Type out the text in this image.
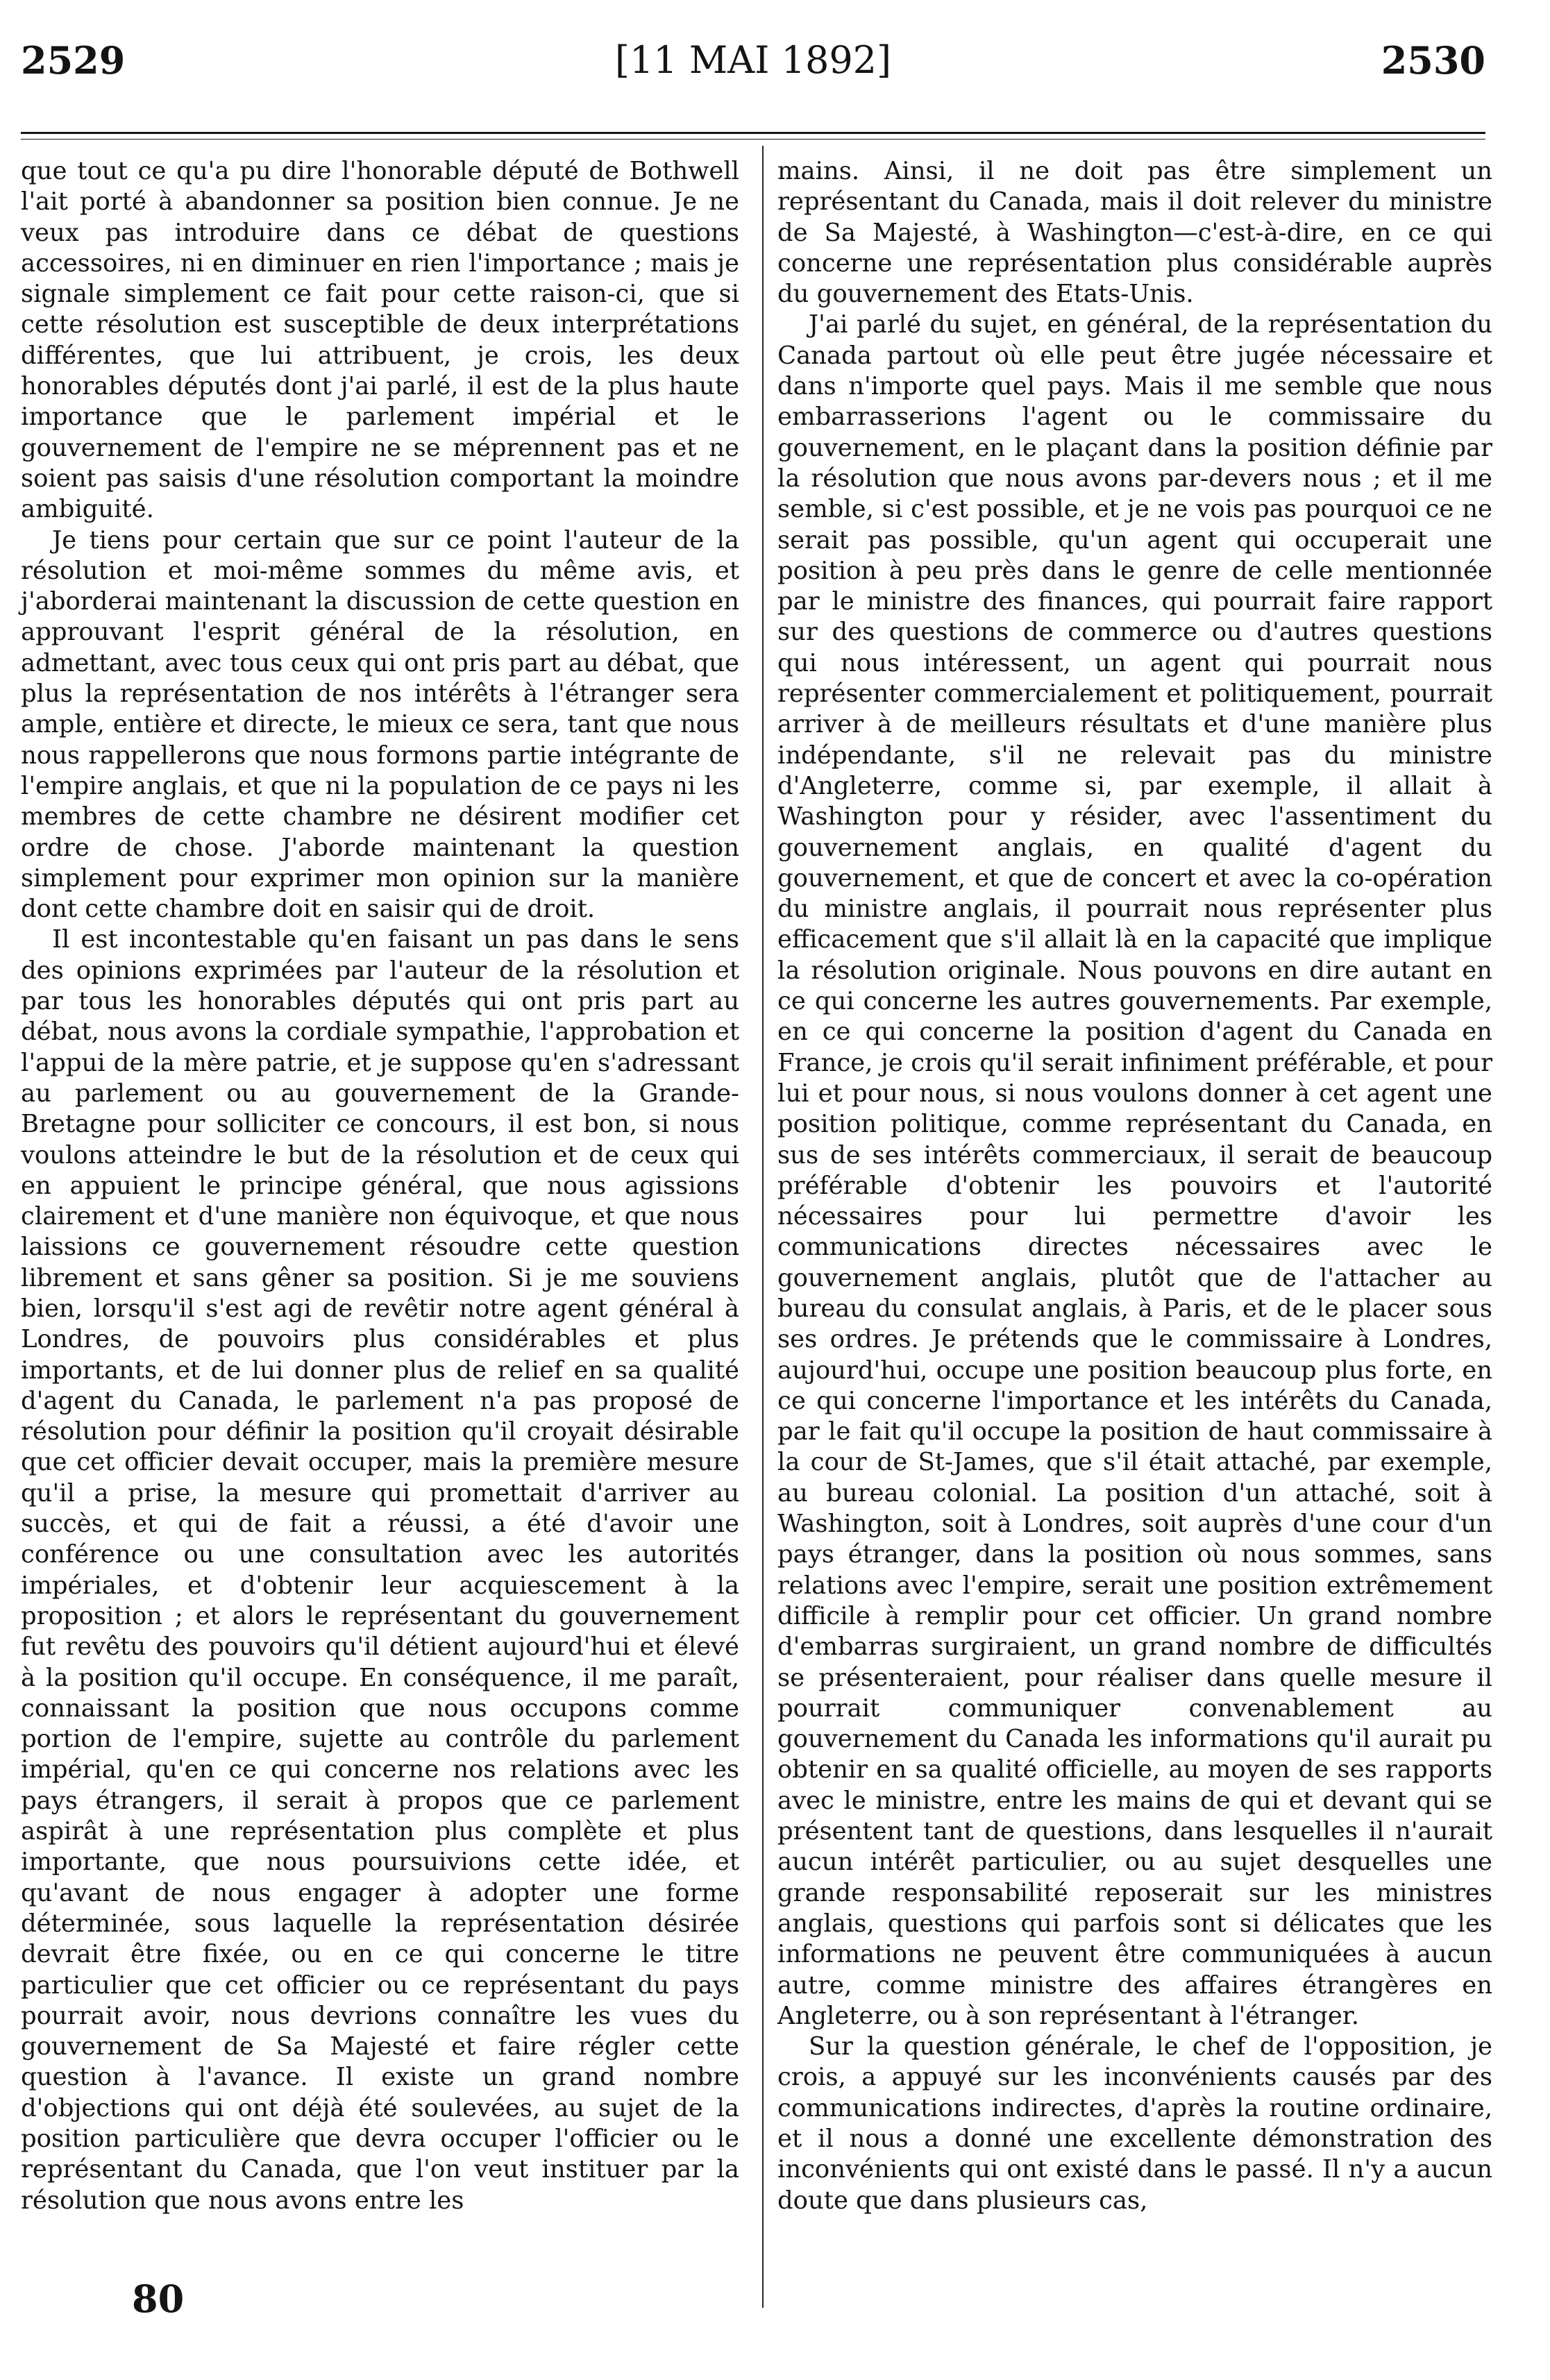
2529	[11 MAI 1892]	2530

que tout ce qu'a pu dire l'honorable député de Bothwell l'ait porté à abandonner sa position bien connue. Je ne veux pas introduire dans ce débat de questions accessoires, ni en diminuer en rien l'importance ; mais je signale simplement ce fait pour cette raison-ci, que si cette résolution est susceptible de deux interprétations différentes, que lui attribuent, je crois, les deux honorables députés dont j'ai parlé, il est de la plus haute importance que le parlement impérial et le gouvernement de l'empire ne se méprennent pas et ne soient pas saisis d'une résolution comportant la moindre ambiguité.

Je tiens pour certain que sur ce point l'auteur de la résolution et moi-même sommes du même avis, et j'aborderai maintenant la discussion de cette question en approuvant l'esprit général de la résolution, en admettant, avec tous ceux qui ont pris part au débat, que plus la représentation de nos intérêts à l'étranger sera ample, entière et directe, le mieux ce sera, tant que nous nous rappellerons que nous formons partie intégrante de l'empire anglais, et que ni la population de ce pays ni les membres de cette chambre ne désirent modifier cet ordre de chose. J'aborde maintenant la question simplement pour exprimer mon opinion sur la manière dont cette chambre doit en saisir qui de droit.

Il est incontestable qu'en faisant un pas dans le sens des opinions exprimées par l'auteur de la résolution et par tous les honorables députés qui ont pris part au débat, nous avons la cordiale sympathie, l'approbation et l'appui de la mère patrie, et je suppose qu'en s'adressant au parlement ou au gouvernement de la Grande-Bretagne pour solliciter ce concours, il est bon, si nous voulons atteindre le but de la résolution et de ceux qui en appuient le principe général, que nous agissions clairement et d'une manière non équivoque, et que nous laissions ce gouvernement résoudre cette question librement et sans gêner sa position. Si je me souviens bien, lorsqu'il s'est agi de revêtir notre agent général à Londres, de pouvoirs plus considérables et plus importants, et de lui donner plus de relief en sa qualité d'agent du Canada, le parlement n'a pas proposé de résolution pour définir la position qu'il croyait désirable que cet officier devait occuper, mais la première mesure qu'il a prise, la mesure qui promettait d'arriver au succès, et qui de fait a réussi, a été d'avoir une conférence ou une consultation avec les autorités impériales, et d'obtenir leur acquiescement à la proposition ; et alors le représentant du gouvernement fut revêtu des pouvoirs qu'il détient aujourd'hui et élevé à la position qu'il occupe. En conséquence, il me paraît, connaissant la position que nous occupons comme portion de l'empire, sujette au contrôle du parlement impérial, qu'en ce qui concerne nos relations avec les pays étrangers, il serait à propos que ce parlement aspirât à une représentation plus complète et plus importante, que nous poursuivions cette idée, et qu'avant de nous engager à adopter une forme déterminée, sous laquelle la représentation désirée devrait être fixée, ou en ce qui concerne le titre particulier que cet officier ou ce représentant du pays pourrait avoir, nous devrions connaître les vues du gouvernement de Sa Majesté et faire régler cette question à l'avance. Il existe un grand nombre d'objections qui ont déjà été soulevées, au sujet de la position particulière que devra occuper l'officier ou le représentant du Canada, que l'on veut instituer par la résolution que nous avons entre les

mains. Ainsi, il ne doit pas être simplement un représentant du Canada, mais il doit relever du ministre de Sa Majesté, à Washington—c'est-à-dire, en ce qui concerne une représentation plus considérable auprès du gouvernement des Etats-Unis.

J'ai parlé du sujet, en général, de la représentation du Canada partout où elle peut être jugée nécessaire et dans n'importe quel pays. Mais il me semble que nous embarrasserions l'agent ou le commissaire du gouvernement, en le plaçant dans la position définie par la résolution que nous avons par-devers nous ; et il me semble, si c'est possible, et je ne vois pas pourquoi ce ne serait pas possible, qu'un agent qui occuperait une position à peu près dans le genre de celle mentionnée par le ministre des finances, qui pourrait faire rapport sur des questions de commerce ou d'autres questions qui nous intéressent, un agent qui pourrait nous représenter commercialement et politiquement, pourrait arriver à de meilleurs résultats et d'une manière plus indépendante, s'il ne relevait pas du ministre d'Angleterre, comme si, par exemple, il allait à Washington pour y résider, avec l'assentiment du gouvernement anglais, en qualité d'agent du gouvernement, et que de concert et avec la co-opération du ministre anglais, il pourrait nous représenter plus efficacement que s'il allait là en la capacité que implique la résolution originale. Nous pouvons en dire autant en ce qui concerne les autres gouvernements. Par exemple, en ce qui concerne la position d'agent du Canada en France, je crois qu'il serait infiniment préférable, et pour lui et pour nous, si nous voulons donner à cet agent une position politique, comme représentant du Canada, en sus de ses intérêts commerciaux, il serait de beaucoup préférable d'obtenir les pouvoirs et l'autorité nécessaires pour lui permettre d'avoir les communications directes nécessaires avec le gouvernement anglais, plutôt que de l'attacher au bureau du consulat anglais, à Paris, et de le placer sous ses ordres. Je prétends que le commissaire à Londres, aujourd'hui, occupe une position beaucoup plus forte, en ce qui concerne l'importance et les intérêts du Canada, par le fait qu'il occupe la position de haut commissaire à la cour de St-James, que s'il était attaché, par exemple, au bureau colonial. La position d'un attaché, soit à Washington, soit à Londres, soit auprès d'une cour d'un pays étranger, dans la position où nous sommes, sans relations avec l'empire, serait une position extrêmement difficile à remplir pour cet officier. Un grand nombre d'embarras surgiraient, un grand nombre de difficultés se présenteraient, pour réaliser dans quelle mesure il pourrait communiquer convenablement au gouvernement du Canada les informations qu'il aurait pu obtenir en sa qualité officielle, au moyen de ses rapports avec le ministre, entre les mains de qui et devant qui se présentent tant de questions, dans lesquelles il n'aurait aucun intérêt particulier, ou au sujet desquelles une grande responsabilité reposerait sur les ministres anglais, questions qui parfois sont si délicates que les informations ne peuvent être communiquées à aucun autre, comme ministre des affaires étrangères en Angleterre, ou à son représentant à l'étranger.

Sur la question générale, le chef de l'opposition, je crois, a appuyé sur les inconvénients causés par des communications indirectes, d'après la routine ordinaire, et il nous a donné une excellente démonstration des inconvénients qui ont existé dans le passé. Il n'y a aucun doute que dans plusieurs cas,

80
